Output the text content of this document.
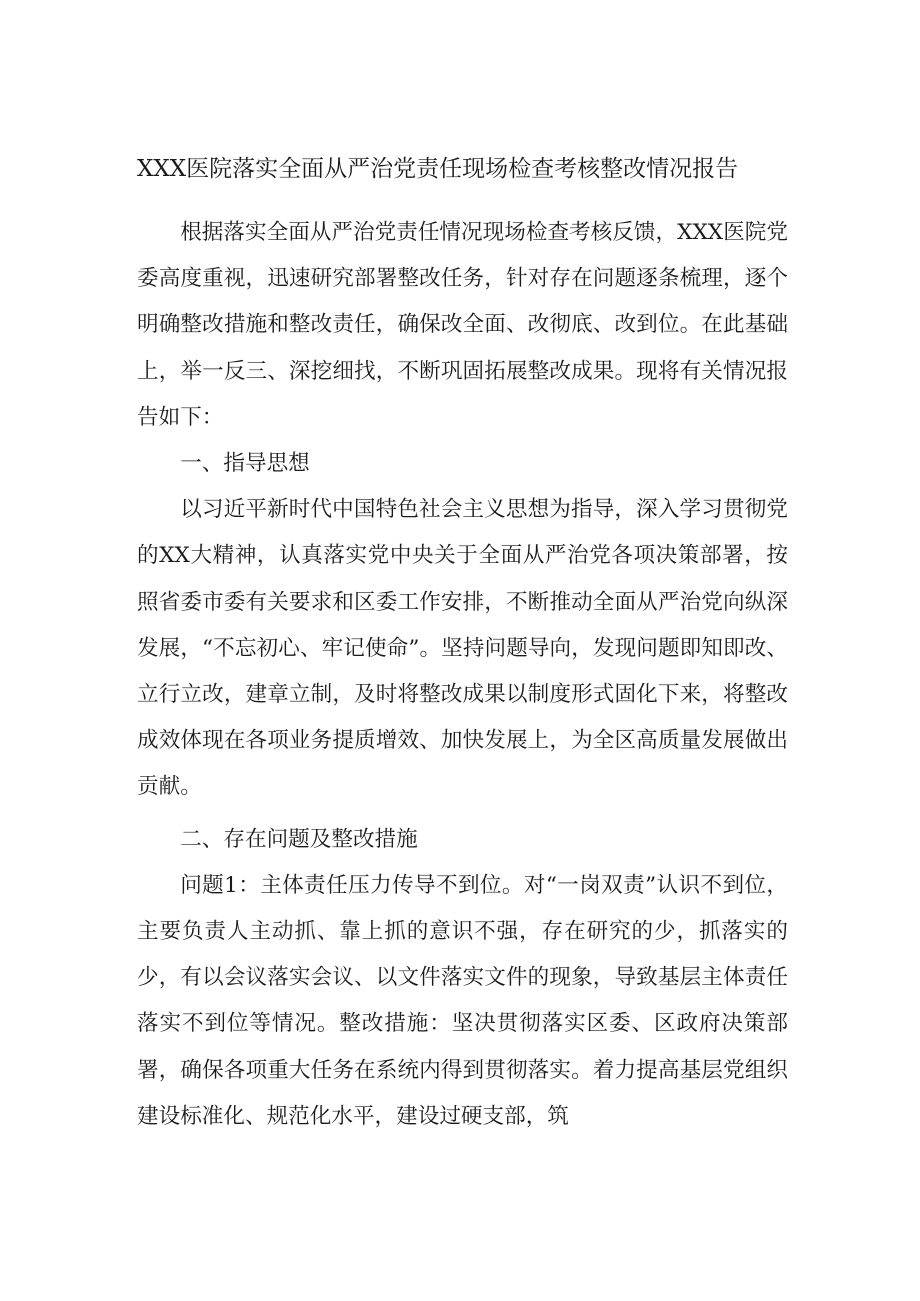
XXX医院落实全面从严治党责任现场检查考核整改情况报告

根据落实全面从严治党责任情况现场检查考核反馈，XXX医院党委高度重视，迅速研究部署整改任务，针对存在问题逐条梳理，逐个明确整改措施和整改责任，确保改全面、改彻底、改到位。在此基础上，举一反三、深挖细找，不断巩固拓展整改成果。现将有关情况报告如下：

一、指导思想

以习近平新时代中国特色社会主义思想为指导，深入学习贯彻党的XX大精神，认真落实党中央关于全面从严治党各项决策部署，按照省委市委有关要求和区委工作安排，不断推动全面从严治党向纵深发展，“不忘初心、牢记使命”。坚持问题导向，发现问题即知即改、立行立改，建章立制，及时将整改成果以制度形式固化下来，将整改成效体现在各项业务提质增效、加快发展上，为全区高质量发展做出贡献。

二、存在问题及整改措施

问题1：主体责任压力传导不到位。对“一岗双责”认识不到位，主要负责人主动抓、靠上抓的意识不强，存在研究的少，抓落实的少，有以会议落实会议、以文件落实文件的现象，导致基层主体责任落实不到位等情况。整改措施：坚决贯彻落实区委、区政府决策部署，确保各项重大任务在系统内得到贯彻落实。着力提高基层党组织建设标准化、规范化水平，建设过硬支部，筑
